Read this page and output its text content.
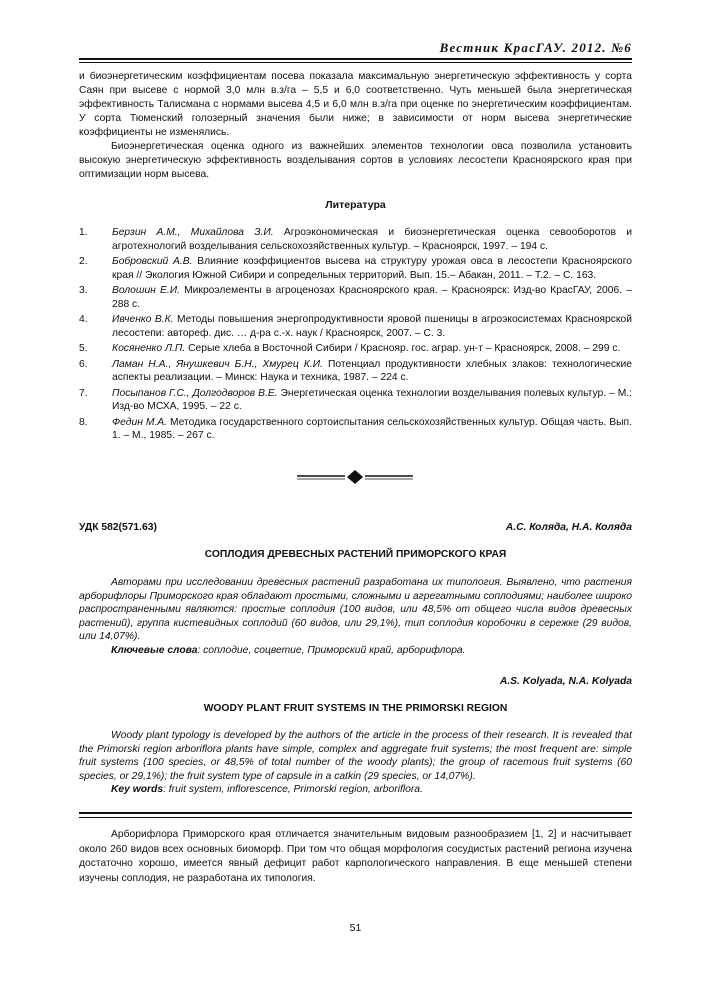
Вестник КрасГАУ. 2012. №6

и биоэнергетическим коэффициентам посева показала максимальную энергетическую эффективность у сорта Саян при высеве с нормой 3,0 млн в.з/га – 5,5 и 6,0 соответственно. Чуть меньшей была энергетическая эффективность Талисмана с нормами высева 4,5 и 6,0 млн в.з/га при оценке по энергетическим коэффициентам. У сорта Тюменский голозерный значения были ниже; в зависимости от норм высева энергетические коэффициенты не изменялись.

Биоэнергетическая оценка одного из важнейших элементов технологии овса позволила установить высокую энергетическую эффективность возделывания сортов в условиях лесостепи Красноярского края при оптимизации норм высева.

Литература
1. Берзин А.М., Михайлова З.И. Агроэкономическая и биоэнергетическая оценка севооборотов и агротехнологий возделывания сельскохозяйственных культур. – Красноярск, 1997. – 194 с.
2. Бобровский А.В. Влияние коэффициентов высева на структуру урожая овса в лесостепи Красноярского края // Экология Южной Сибири и сопредельных территорий. Вып. 15.– Абакан, 2011. – Т.2. – С. 163.
3. Волошин Е.И. Микроэлементы в агроценозах Красноярского края. – Красноярск: Изд-во КрасГАУ, 2006. – 288 с.
4. Ивченко В.К. Методы повышения энергопродуктивности яровой пшеницы в агроэкосистемах Красноярской лесостепи: автореф. дис. … д-ра с.-х. наук / Красноярск, 2007. – С. 3.
5. Косяненко Л.П. Серые хлеба в Восточной Сибири / Краснояр. гос. аграр. ун-т – Красноярск, 2008. – 299 с.
6. Ламан Н.А., Янушкевич Б.Н., Хмурец К.И. Потенциал продуктивности хлебных злаков: технологические аспекты реализации. – Минск: Наука и техника, 1987. – 224 с.
7. Посыпанов Г.С., Долгодворов В.Е. Энергетическая оценка технологии возделывания полевых культур. – М.: Изд-во МСХА, 1995. – 22 с.
8. Федин М.А. Методика государственного сортоиспытания сельскохозяйственных культур. Общая часть. Вып. 1. – М., 1985. – 267 с.
УДК 582(571.63)	А.С. Коляда, Н.А. Коляда
СОПЛОДИЯ ДРЕВЕСНЫХ РАСТЕНИЙ ПРИМОРСКОГО КРАЯ

Авторами при исследовании древесных растений разработана их типология. Выявлено, что растения арборифлоры Приморского края обладают простыми, сложными и агрегатными соплодиями; наиболее широко распространенными являются: простые соплодия (100 видов, или 48,5% от общего числа видов древесных растений), группа кистевидных соплодий (60 видов, или 29,1%), тип соплодия коробочки в сережке (29 видов, или 14,07%).

Ключевые слова: соплодие, соцветие, Приморский край, арборифлора.

A.S. Kolyada, N.A. Kolyada
WOODY PLANT FRUIT SYSTEMS IN THE PRIMORSKI REGION

Woody plant typology is developed by the authors of the article in the process of their research. It is revealed that the Primorski region arboriflora plants have simple, complex and aggregate fruit systems; the most frequent are: simple fruit systems (100 species, or 48,5% of total number of the woody plants); the group of racemous fruit systems (60 species, or 29,1%); the fruit system type of capsule in a catkin (29 species, or 14,07%).

Key words: fruit system, inflorescence, Primorski region, arboriflora.

Арборифлора Приморского края отличается значительным видовым разнообразием [1, 2] и насчитывает около 260 видов всех основных биоморф. При том что общая морфология сосудистых растений региона изучена достаточно хорошо, имеется явный дефицит работ карпологического направления. В еще меньшей степени изучены соплодия, не разработана их типология.

51
